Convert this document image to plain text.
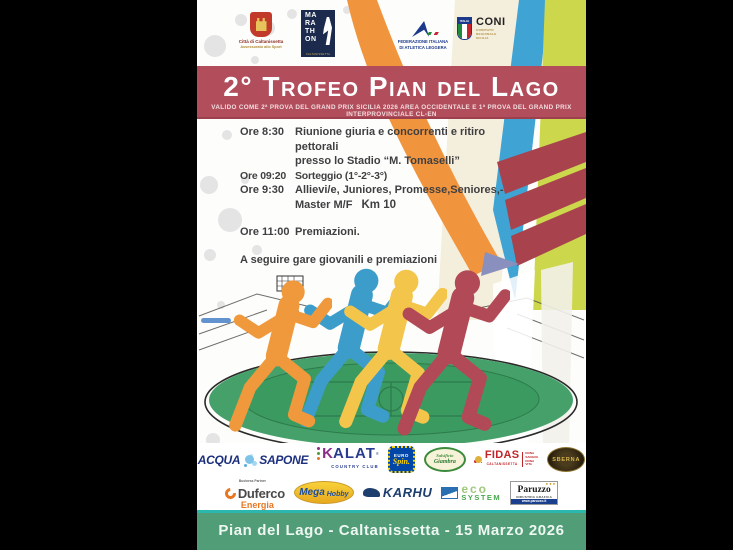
Città di Caltanissetta
Assessorato allo Sport
MA
RA
TH
ON
CALTANISSETTA
FEDERAZIONE ITALIANA
DI ATLETICA LEGGERA
ITALIA CONI
COMITATO
REGIONALE
SICILIA
2° Trofeo Pian del Lago
VALIDO COME 2ª PROVA DEL GRAND PRIX SICILIA 2026 AREA OCCIDENTALE E 1ª PROVA DEL GRAND PRIX INTERPROVINCIALE CL-EN
Ore 8:30 Riunione giuria e concorrenti e ritiro
pettorali
presso lo Stadio “M. Tomaselli”
Ore 09:20 Sorteggio (1°-2°-3°)
Ore 9:30 Allievi/e, Juniores, Promesse,Seniores,-
Master M/F Km 10
Ore 11:00 Premiazioni.
A seguire gare giovanili e premiazioni
ACQUA SAPONE K ALAT ®
COUNTRY CLUB
EURO
Spin.
Salsificio
Giambra
FIDAS
CALTANISSETTA
DONA
SANGUE
DONA
VITA
SBERNA
Business Partner
Duferco
Energia
Mega Hobby	KARHU eco
SYSTEM
● ● ●
Paruzzo
INDUSTRIA GRAFICA
www.paruzzo.it
Pian del Lago - Caltanissetta - 15 Marzo 2026
